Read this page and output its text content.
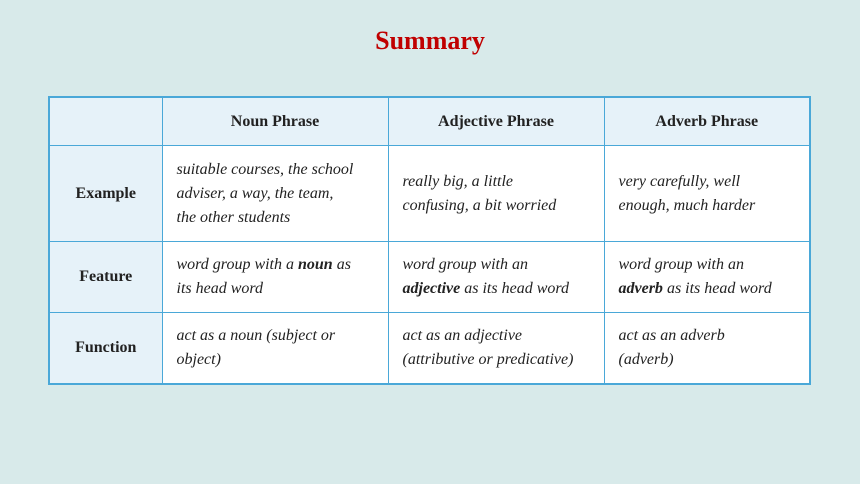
Summary
	Noun Phrase	Adjective Phrase	Adverb Phrase
Example	suitable courses, the school
adviser, a way, the team,
the other students	really big, a little
confusing, a bit worried	very carefully, well
enough, much harder
Feature	word group with a noun as
its head word	word group with an
adjective as its head word	word group with an
adverb as its head word
Function	act as a noun (subject or
object)	act as an adjective
(attributive or predicative)	act as an adverb
(adverb)
